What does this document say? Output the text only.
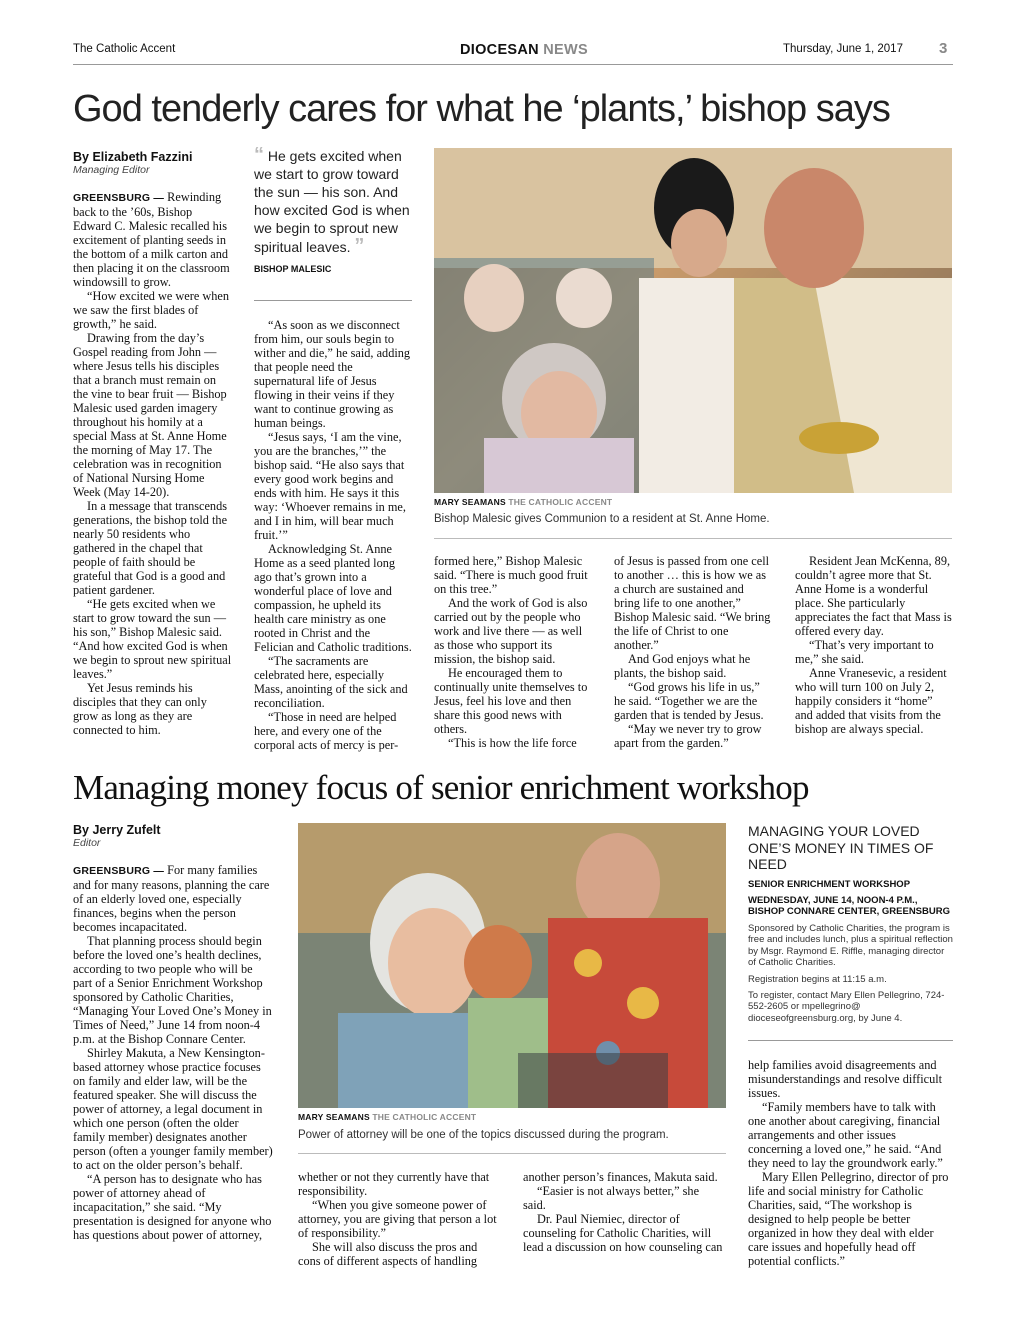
The Catholic Accent	DIOCESAN NEWS	Thursday, June 1, 2017 3
God tenderly cares for what he ‘plants,’ bishop says
By Elizabeth Fazzini
Managing Editor

GREENSBURG — Rewinding back to the ’60s, Bishop Edward C. Malesic recalled his excitement of planting seeds in the bottom of a milk carton and then placing it on the classroom windowsill to grow.

“How excited we were when we saw the first blades of growth,” he said.

Drawing from the day’s Gospel reading from John — where Jesus tells his disciples that a branch must remain on the vine to bear fruit — Bishop Malesic used garden imagery throughout his homily at a special Mass at St. Anne Home the morning of May 17. The celebration was in recognition of National Nursing Home Week (May 14-20).

In a message that transcends generations, the bishop told the nearly 50 residents who gathered in the chapel that people of faith should be grateful that God is a good and patient gardener.

“He gets excited when we start to grow toward the sun — his son,” Bishop Malesic said. “And how excited God is when we begin to sprout new spiritual leaves.”

Yet Jesus reminds his disciples that they can only grow as long as they are connected to him.

“ He gets excited when we start to grow toward the sun — his son. And how excited God is when we begin to sprout new spiritual leaves. ”
BISHOP MALESIC

“As soon as we disconnect from him, our souls begin to wither and die,” he said, adding that people need the supernatural life of Jesus flowing in their veins if they want to continue growing as human beings.

“Jesus says, ‘I am the vine, you are the branches,’” the bishop said. “He also says that every good work begins and ends with him. He says it this way: ‘Whoever remains in me, and I in him, will bear much fruit.’”

Acknowledging St. Anne Home as a seed planted long ago that’s grown into a wonderful place of love and compassion, he upheld its health care ministry as one rooted in Christ and the Felician and Catholic traditions.

“The sacraments are celebrated here, especially Mass, anointing of the sick and reconciliation.

“Those in need are helped here, and every one of the corporal acts of mercy is per-

MARY SEAMANS THE CATHOLIC ACCENT
Bishop Malesic gives Communion to a resident at St. Anne Home.

formed here,” Bishop Malesic said. “There is much good fruit on this tree.”

And the work of God is also carried out by the people who work and live there — as well as those who support its mission, the bishop said.

He encouraged them to continually unite themselves to Jesus, feel his love and then share this good news with others.

“This is how the life force

of Jesus is passed from one cell to another … this is how we as a church are sustained and bring life to one another,” Bishop Malesic said. “We bring the life of Christ to one another.”

And God enjoys what he plants, the bishop said.

“God grows his life in us,” he said. “Together we are the garden that is tended by Jesus.

“May we never try to grow apart from the garden.”

Resident Jean McKenna, 89, couldn’t agree more that St. Anne Home is a wonderful place. She particularly appreciates the fact that Mass is offered every day.

“That’s very important to me,” she said.

Anne Vranesevic, a resident who will turn 100 on July 2, happily considers it “home” and added that visits from the bishop are always special.

Managing money focus of senior enrichment workshop
By Jerry Zufelt
Editor

GREENSBURG — For many families and for many reasons, planning the care of an elderly loved one, especially finances, begins when the person becomes incapacitated.

That planning process should begin before the loved one’s health declines, according to two people who will be part of a Senior Enrichment Workshop sponsored by Catholic Charities, “Managing Your Loved One’s Money in Times of Need,” June 14 from noon-4 p.m. at the Bishop Connare Center.

Shirley Makuta, a New Kensington-based attorney whose practice focuses on family and elder law, will be the featured speaker. She will discuss the power of attorney, a legal document in which one person (often the older family member) designates another person (often a younger family member) to act on the older person’s behalf.

“A person has to designate who has power of attorney ahead of incapacitation,” she said. “My presentation is designed for anyone who has questions about power of attorney,

MARY SEAMANS THE CATHOLIC ACCENT
Power of attorney will be one of the topics discussed during the program.

whether or not they currently have that responsibility.

“When you give someone power of attorney, you are giving that person a lot of responsibility.”

She will also discuss the pros and cons of different aspects of handling

another person’s finances, Makuta said.

“Easier is not always better,” she said.

Dr. Paul Niemiec, director of counseling for Catholic Charities, will lead a discussion on how counseling can

MANAGING YOUR LOVED ONE’S MONEY IN TIMES OF NEED
SENIOR ENRICHMENT WORKSHOP
WEDNESDAY, JUNE 14, NOON-4 P.M., BISHOP CONNARE CENTER, GREENSBURG
Sponsored by Catholic Charities, the program is free and includes lunch, plus a spiritual reflection by Msgr. Raymond E. Riffle, managing director of Catholic Charities.
Registration begins at 11:15 a.m.
To register, contact Mary Ellen Pellegrino, 724-552-2605 or mpellegrino@ dioceseofgreensburg.org, by June 4.

help families avoid disagreements and misunderstandings and resolve difficult issues.

“Family members have to talk with one another about caregiving, financial arrangements and other issues concerning a loved one,” he said. “And they need to lay the groundwork early.”

Mary Ellen Pellegrino, director of pro life and social ministry for Catholic Charities, said, “The workshop is designed to help people be better organized in how they deal with elder care issues and hopefully head off potential conflicts.”
